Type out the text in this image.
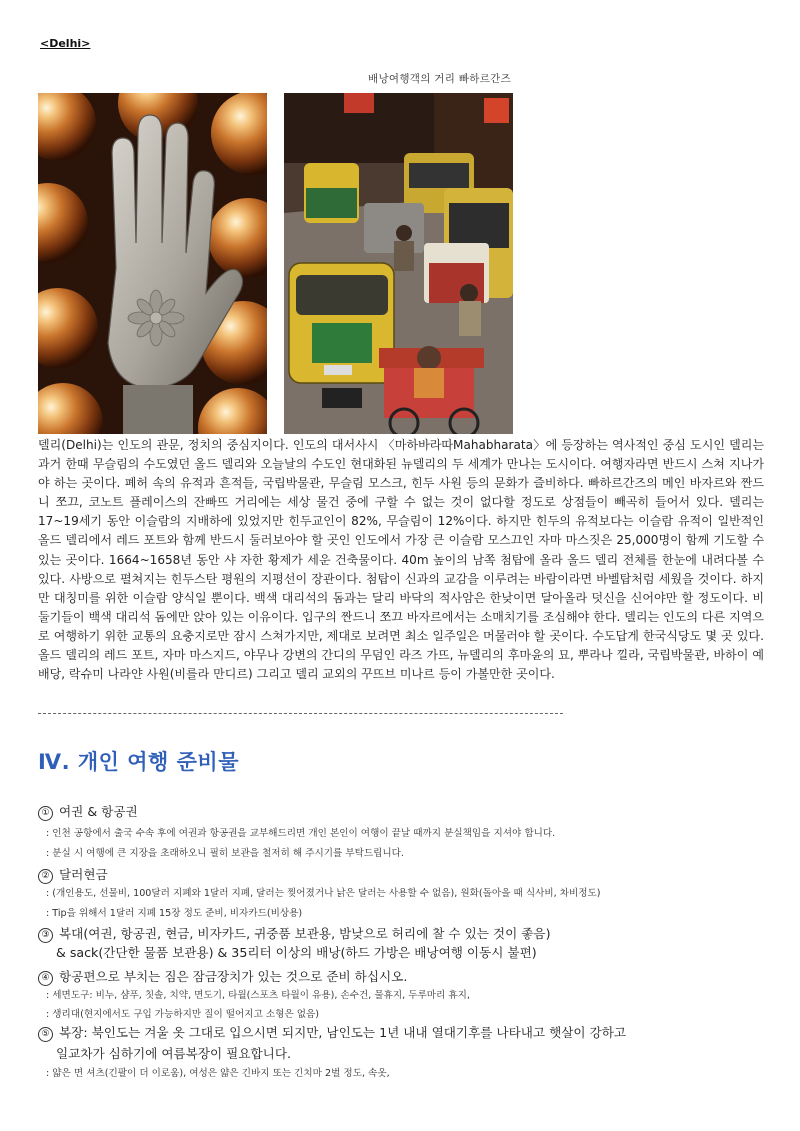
<Delhi>
배낭여행객의 거리 빠하르간즈

델리(Delhi)는 인도의 관문, 정치의 중심지이다. 인도의 대서사시 〈마하바라따Mahabharata〉에 등장하는 역사적인 중심 도시인 델리는 과거 한때 무슬림의 수도였던 올드 델리와 오늘날의 수도인 현대화된 뉴델리의 두 세계가 만나는 도시이다. 여행자라면 반드시 스쳐 지나가야 하는 곳이다. 폐허 속의 유적과 흔적들, 국립박물관, 무슬림 모스크, 힌두 사원 등의 문화가 즐비하다. 빠하르간즈의 메인 바자르와 짠드니 쪼끄, 코노트 플레이스의 잔빠뜨 거리에는 세상 물건 중에 구할 수 없는 것이 없다할 정도로 상점들이 빼곡히 들어서 있다. 델리는 17~19세기 동안 이슬람의 지배하에 있었지만 힌두교인이 82%, 무슬림이 12%이다. 하지만 힌두의 유적보다는 이슬람 유적이 일반적인 올드 델리에서 레드 포트와 함께 반드시 둘러보아야 할 곳인 인도에서 가장 큰 이슬람 모스끄인 자마 마스짓은 25,000명이 함께 기도할 수 있는 곳이다. 1664~1658년 동안 샤 자한 황제가 세운 건축물이다. 40m 높이의 남쪽 첨탑에 올라 올드 델리 전체를 한눈에 내려다볼 수 있다. 사방으로 펼쳐지는 힌두스탄 평원의 지평선이 장관이다. 첨탑이 신과의 교감을 이루려는 바람이라면 바벨탑처럼 세웠을 것이다. 하지만 대칭미를 위한 이슬람 양식일 뿐이다. 백색 대리석의 돔과는 달리 바닥의 적사암은 한낮이면 달아올라 덧신을 신어야만 할 정도이다. 비둘기들이 백색 대리석 돔에만 앉아 있는 이유이다. 입구의 짠드니 쪼끄 바자르에서는 소매치기를 조심해야 한다. 델리는 인도의 다른 지역으로 여행하기 위한 교통의 요충지로만 잠시 스쳐가지만, 제대로 보려면 최소 일주일은 머물러야 할 곳이다. 수도답게 한국식당도 몇 곳 있다. 올드 델리의 레드 포트, 자마 마스지드, 야무나 강변의 간디의 무덤인 라즈 가뜨, 뉴델리의 후마윤의 묘, 뿌라나 낄라, 국립박물관, 바하이 예배당, 락슈미 나라얀 사원(비를라 만디르) 그리고 델리 교외의 꾸뜨브 미나르 등이 가볼만한 곳이다.

Ⅳ. 개인 여행 준비물
① 여권 & 항공권
: 인천 공항에서 출국 수속 후에 여권과 항공권을 교부해드리면 개인 본인이 여행이 끝날 때까지 분실책임을 지셔야 합니다.
: 분실 시 여행에 큰 지장을 초래하오니 필히 보관을 철저히 해 주시기를 부탁드립니다.
② 달러현금
: (개인용도, 선물비, 100달러 지폐와 1달러 지폐, 달러는 찢어졌거나 낡은 달러는 사용할 수 없음), 원화(돌아올 때 식사비, 차비정도)
: Tip을 위해서 1달러 지폐 15장 정도 준비, 비자카드(비상용)
③ 복대(여권, 항공권, 현금, 비자카드, 귀중품 보관용, 밤낮으로 허리에 찰 수 있는 것이 좋음)
& sack(간단한 물품 보관용) & 35리터 이상의 배낭(하드 가방은 배낭여행 이동시 불편)
④ 항공편으로 부치는 짐은 잠금장치가 있는 것으로 준비 하십시오.
: 세면도구: 비누, 샴푸, 칫솔, 치약, 면도기, 타월(스포츠 타월이 유용), 손수건, 물휴지, 두루마리 휴지,
: 생리대(현지에서도 구입 가능하지만 질이 떨어지고 소형은 없음)
⑤ 복장: 북인도는 겨울 옷 그대로 입으시면 되지만, 남인도는 1년 내내 열대기후를 나타내고 햇살이 강하고
일교차가 심하기에 여름복장이 필요합니다.
: 얇은 면 셔츠(긴팔이 더 이로움), 여성은 얇은 긴바지 또는 긴치마 2벌 정도, 속옷,
